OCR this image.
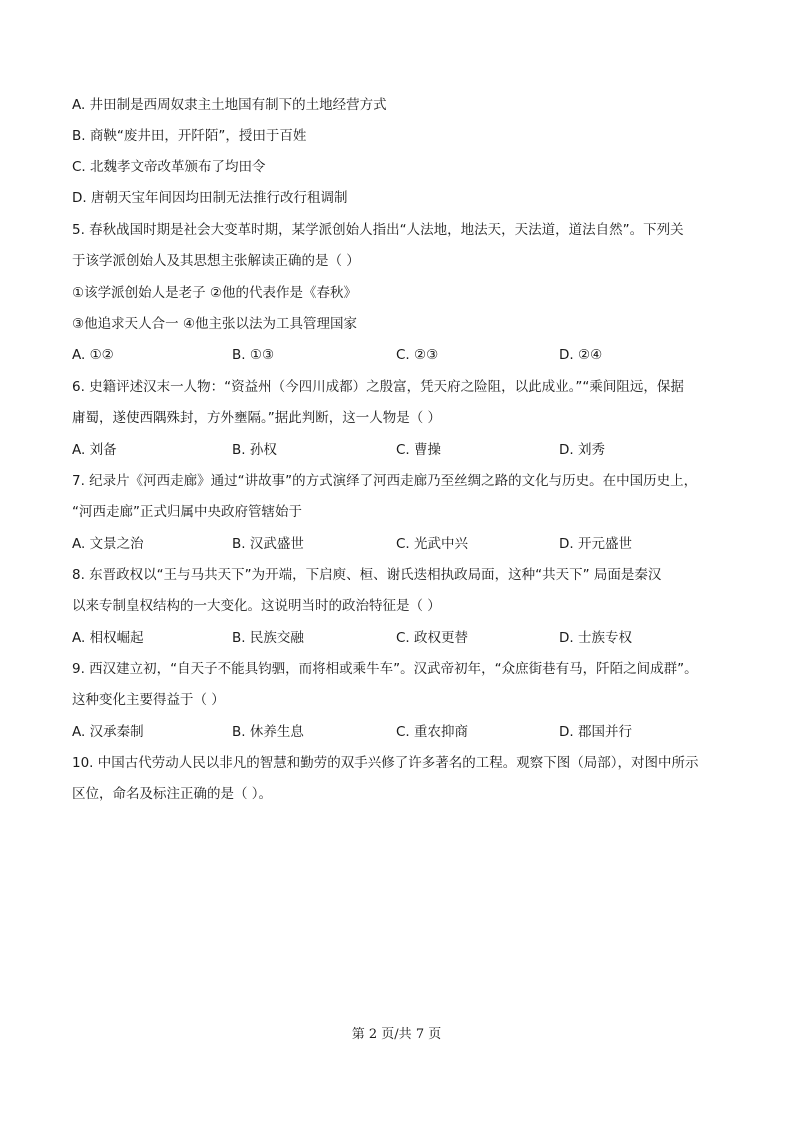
A. 井田制是西周奴隶主土地国有制下的土地经营方式
B. 商鞅“废井田，开阡陌”，授田于百姓
C. 北魏孝文帝改革颁布了均田令
D. 唐朝天宝年间因均田制无法推行改行租调制
5. 春秋战国时期是社会大变革时期，某学派创始人指出“人法地，地法天，天法道，道法自然”。下列关
于该学派创始人及其思想主张解读正确的是（ ）
①该学派创始人是老子 ②他的代表作是《春秋》
③他追求天人合一 ④他主张以法为工具管理国家
A. ①②	B. ①③	C. ②③	D. ②④
6. 史籍评述汉末一人物：“资益州（今四川成都）之殷富，凭天府之险阻，以此成业。”“乘间阻远，保据
庸蜀，遂使西隅殊封，方外壅隔。”据此判断，这一人物是（ ）
A. 刘备	B. 孙权	C. 曹操	D. 刘秀
7. 纪录片《河西走廊》通过“讲故事”的方式演绎了河西走廊乃至丝绸之路的文化与历史。在中国历史上，
“河西走廊”正式归属中央政府管辖始于
A. 文景之治	B. 汉武盛世	C. 光武中兴	D. 开元盛世
8. 东晋政权以“王与马共天下”为开端，下启庾、桓、谢氏迭相执政局面，这种“共天下” 局面是秦汉
以来专制皇权结构的一大变化。这说明当时的政治特征是（ ）
A. 相权崛起	B. 民族交融	C. 政权更替	D. 士族专权
9. 西汉建立初，“自天子不能具钧驷，而将相或乘牛车”。汉武帝初年，“众庶街巷有马，阡陌之间成群”。
这种变化主要得益于（ ）
A. 汉承秦制	B. 休养生息	C. 重农抑商	D. 郡国并行
10. 中国古代劳动人民以非凡的智慧和勤劳的双手兴修了许多著名的工程。观察下图（局部），对图中所示
区位，命名及标注正确的是（ ）。
第 2 页/共 7 页
